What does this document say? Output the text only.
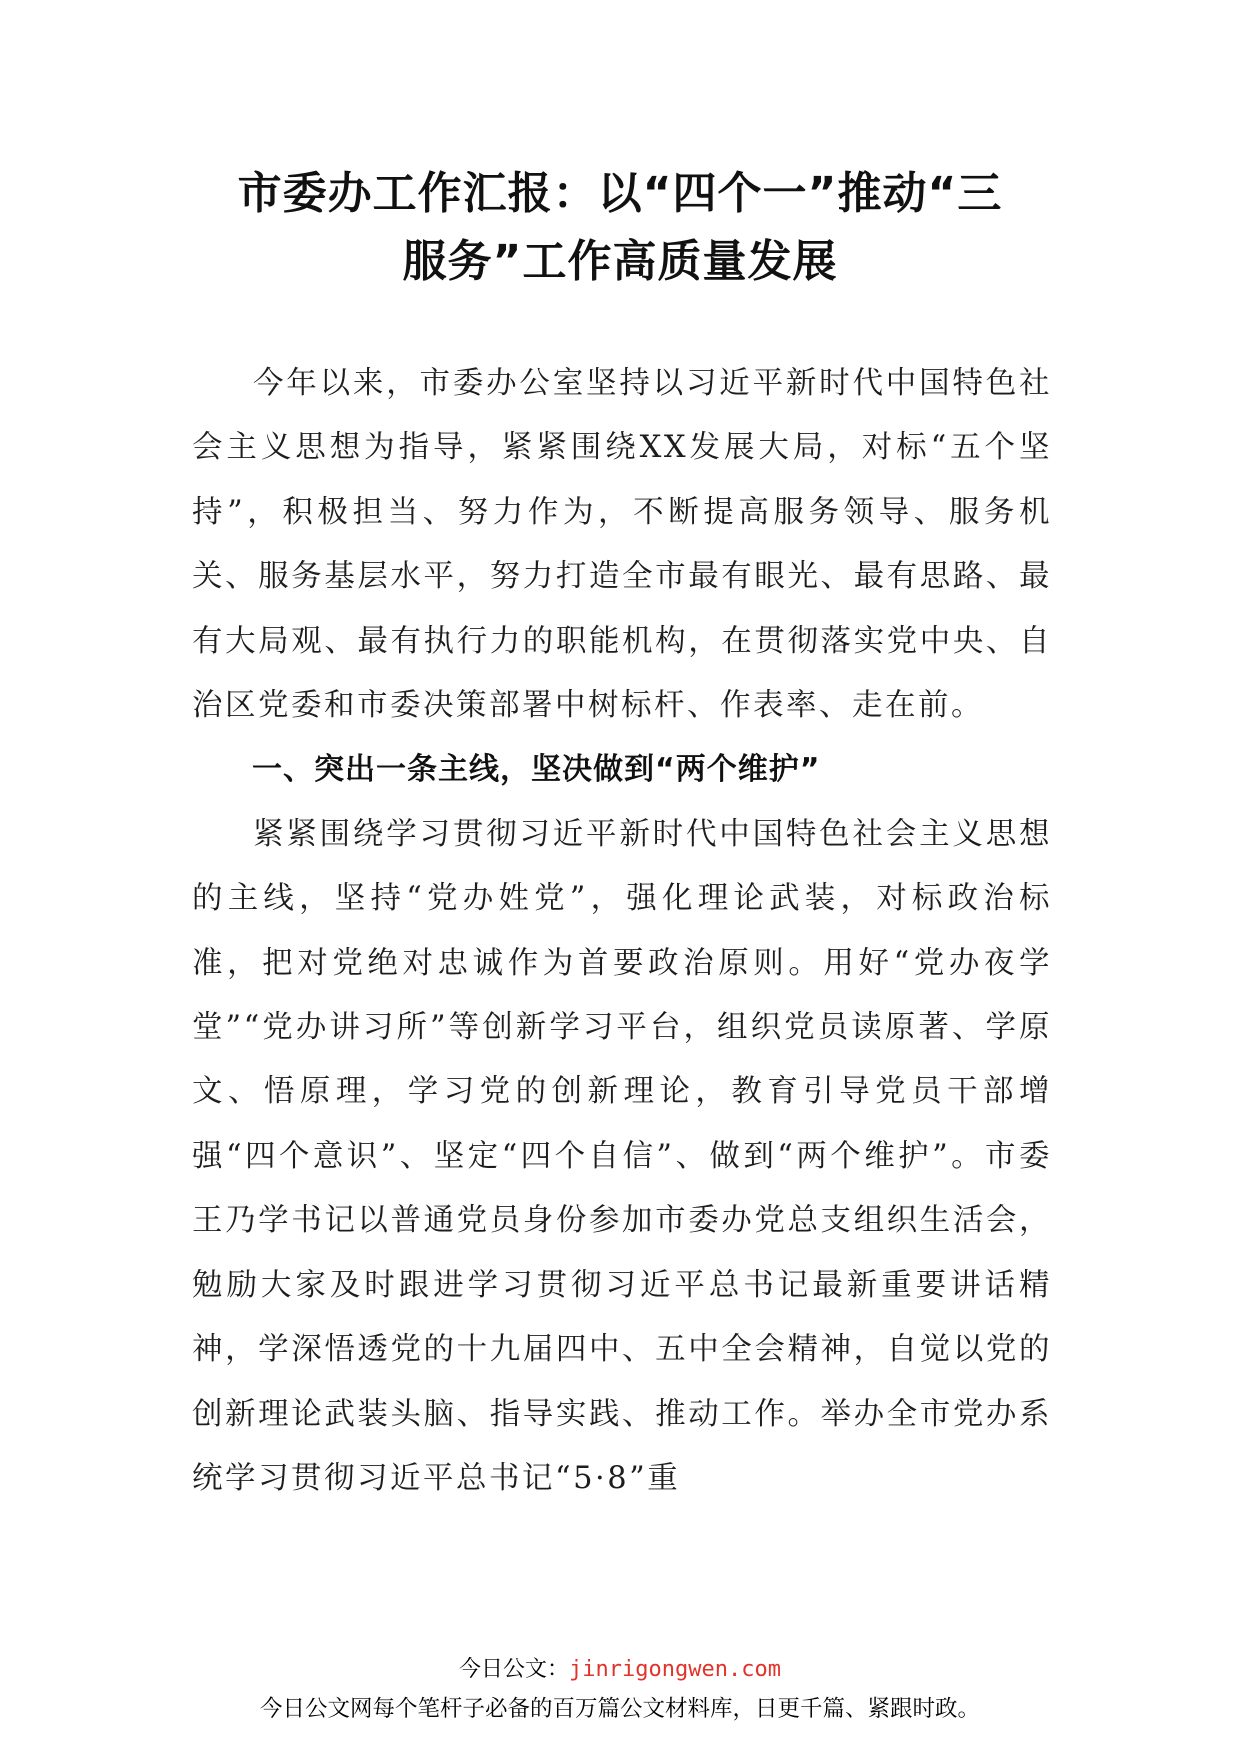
市委办工作汇报：以“四个一”推动“三
服务”工作高质量发展

今年以来，市委办公室坚持以习近平新时代中国特色社会主义思想为指导，紧紧围绕XX发展大局，对标“五个坚持”，积极担当、努力作为，不断提高服务领导、服务机关、服务基层水平，努力打造全市最有眼光、最有思路、最有大局观、最有执行力的职能机构，在贯彻落实党中央、自治区党委和市委决策部署中树标杆、作表率、走在前。

一、突出一条主线，坚决做到“两个维护”

紧紧围绕学习贯彻习近平新时代中国特色社会主义思想的主线，坚持“党办姓党”，强化理论武装，对标政治标准，把对党绝对忠诚作为首要政治原则。用好“党办夜学堂”“党办讲习所”等创新学习平台，组织党员读原著、学原文、悟原理，学习党的创新理论，教育引导党员干部增强“四个意识”、坚定“四个自信”、做到“两个维护”。市委王乃学书记以普通党员身份参加市委办党总支组织生活会，勉励大家及时跟进学习贯彻习近平总书记最新重要讲话精神，学深悟透党的十九届四中、五中全会精神，自觉以党的创新理论武装头脑、指导实践、推动工作。举办全市党办系统学习贯彻习近平总书记“5·8”重

今日公文：jinrigongwen.com
今日公文网每个笔杆子必备的百万篇公文材料库，日更千篇、紧跟时政。
